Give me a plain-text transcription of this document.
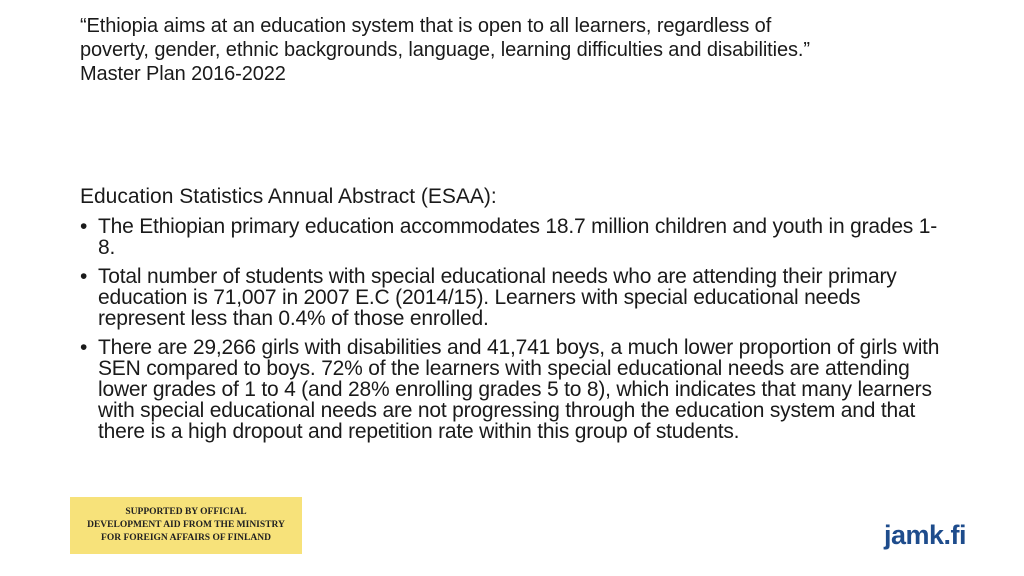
“Ethiopia aims at an education system that is open to all learners, regardless of
poverty, gender, ethnic backgrounds, language, learning difficulties and disabilities.”
Master Plan 2016-2022
Education Statistics Annual Abstract (ESAA):
• The Ethiopian primary education accommodates 18.7 million children and youth in grades 1-8.
• Total number of students with special educational needs who are attending their primary education is 71,007 in 2007 E.C (2014/15). Learners with special educational needs represent less than 0.4% of those enrolled.
• There are 29,266 girls with disabilities and 41,741 boys, a much lower proportion of girls with SEN compared to boys. 72% of the learners with special educational needs are attending lower grades of 1 to 4 (and 28% enrolling grades 5 to 8), which indicates that many learners with special educational needs are not progressing through the education system and that there is a high dropout and repetition rate within this group of students.
SUPPORTED BY OFFICIAL
DEVELOPMENT AID FROM THE MINISTRY
FOR FOREIGN AFFAIRS OF FINLAND	jamk.fi
